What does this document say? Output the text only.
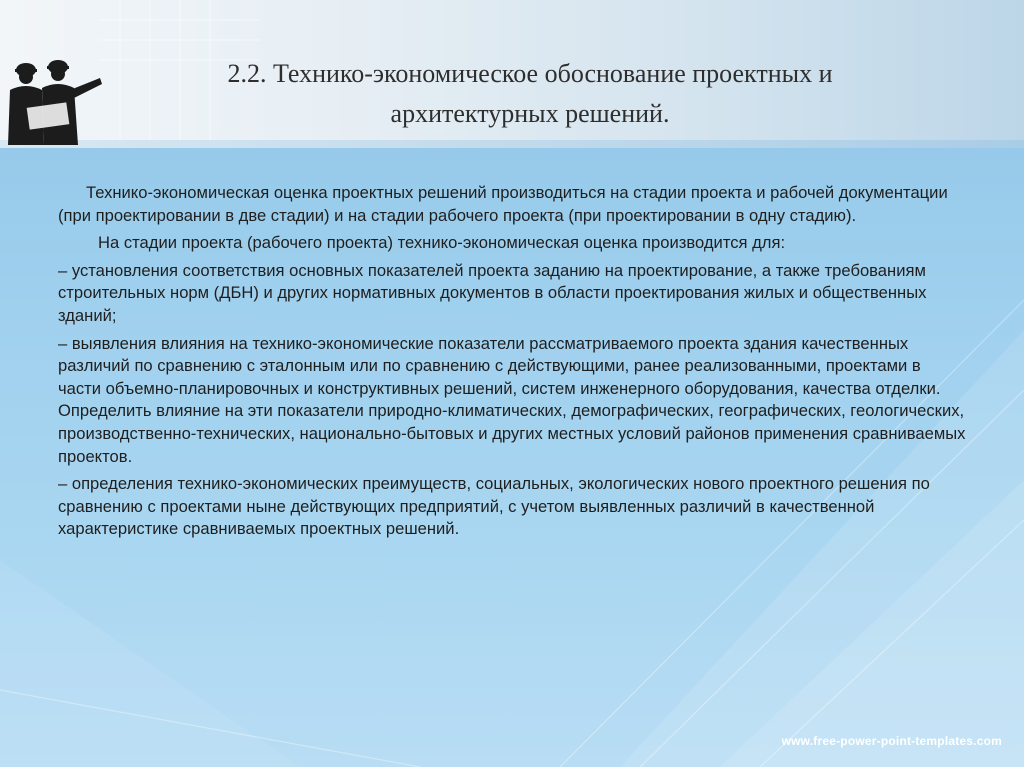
2.2. Технико-экономическое обоснование проектных и
архитектурных решений.

Технико-экономическая оценка проектных решений производиться на стадии проекта и рабочей документации (при проектировании в две стадии) и на стадии рабочего проекта (при проектировании в одну стадию).

На стадии проекта (рабочего проекта) технико-экономическая оценка производится для:

– установления соответствия основных показателей проекта заданию на проектирование, а также требованиям строительных норм (ДБН) и других нормативных документов в области проектирования жилых и общественных зданий;

– выявления влияния на технико-экономические показатели рассматриваемого проекта здания качественных различий по сравнению с эталонным или по сравнению с действующими, ранее реализованными, проектами в части объемно-планировочных и конструктивных решений, систем инженерного оборудования, качества отделки. Определить влияние на эти показатели природно-климатических, демографических, географических, геологических, производственно-технических, национально-бытовых и других местных условий районов применения сравниваемых проектов.

– определения технико-экономических преимуществ, социальных, экологических нового проектного решения по сравнению с проектами ныне действующих предприятий, с учетом выявленных различий в качественной характеристике сравниваемых проектных решений.

www.free-power-point-templates.com
